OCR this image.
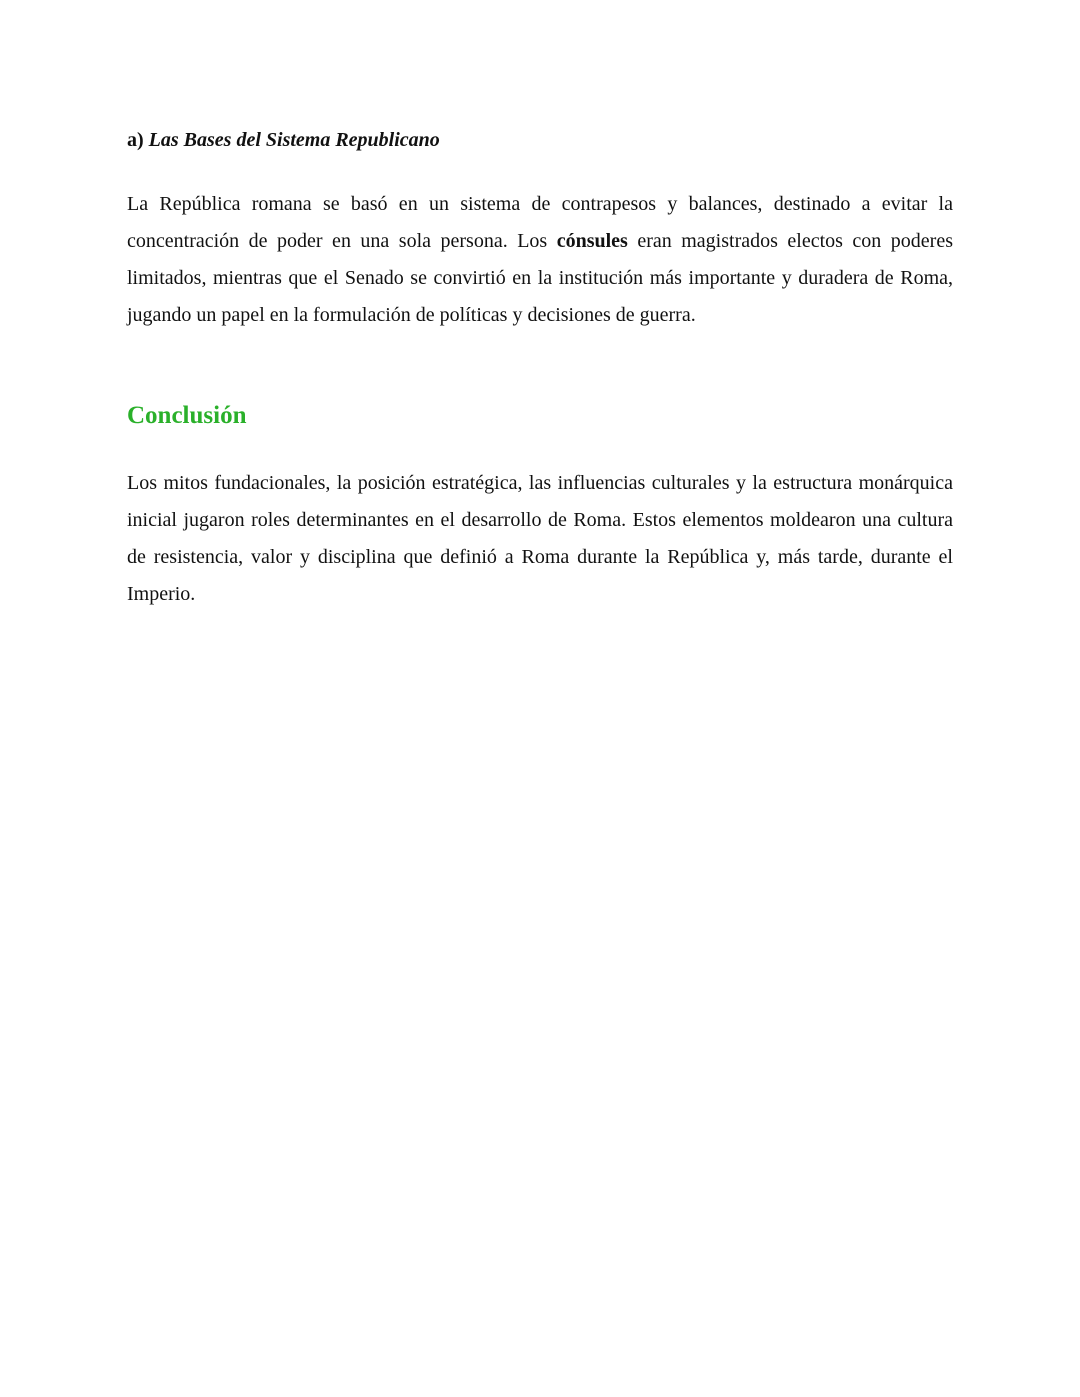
a) Las Bases del Sistema Republicano

La República romana se basó en un sistema de contrapesos y balances, destinado a evitar la concentración de poder en una sola persona. Los cónsules eran magistrados electos con poderes limitados, mientras que el Senado se convirtió en la institución más importante y duradera de Roma, jugando un papel en la formulación de políticas y decisiones de guerra.

Conclusión

Los mitos fundacionales, la posición estratégica, las influencias culturales y la estructura monárquica inicial jugaron roles determinantes en el desarrollo de Roma. Estos elementos moldearon una cultura de resistencia, valor y disciplina que definió a Roma durante la República y, más tarde, durante el Imperio.
